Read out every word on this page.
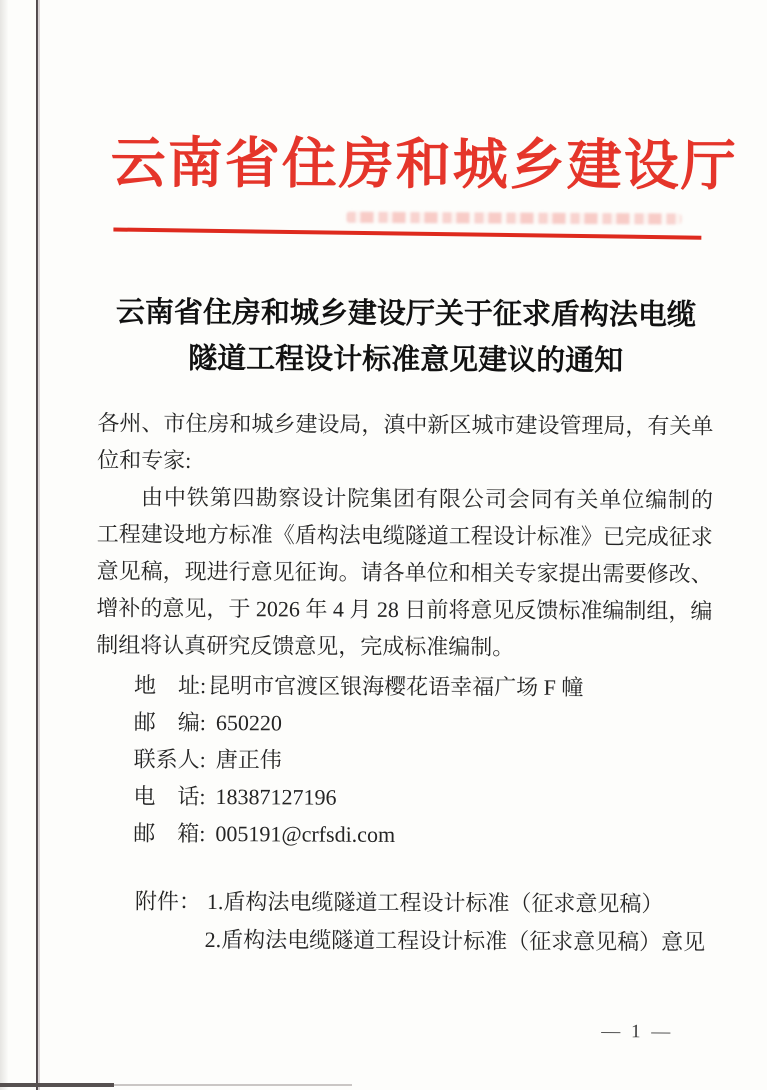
云南省住房和城乡建设厅
云南省住房和城乡建设厅关于征求盾构法电缆
隧道工程设计标准意见建议的通知
各州、市住房和城乡建设局，滇中新区城市建设管理局，有关单
位和专家:
由中铁第四勘察设计院集团有限公司会同有关单位编制的
工程建设地方标准《盾构法电缆隧道工程设计标准》已完成征求
意见稿，现进行意见征询。请各单位和相关专家提出需要修改、
增补的意见，于 2026 年 4 月 28 日前将意见反馈标准编制组，编
制组将认真研究反馈意见，完成标准编制。
地　址:昆明市官渡区银海樱花语幸福广场 F 幢
邮　编: 650220
联系人: 唐正伟
电　话: 18387127196
邮　箱: 005191@crfsdi.com
附件： 1.盾构法电缆隧道工程设计标准（征求意见稿）
2.盾构法电缆隧道工程设计标准（征求意见稿）意见
— 1 —
